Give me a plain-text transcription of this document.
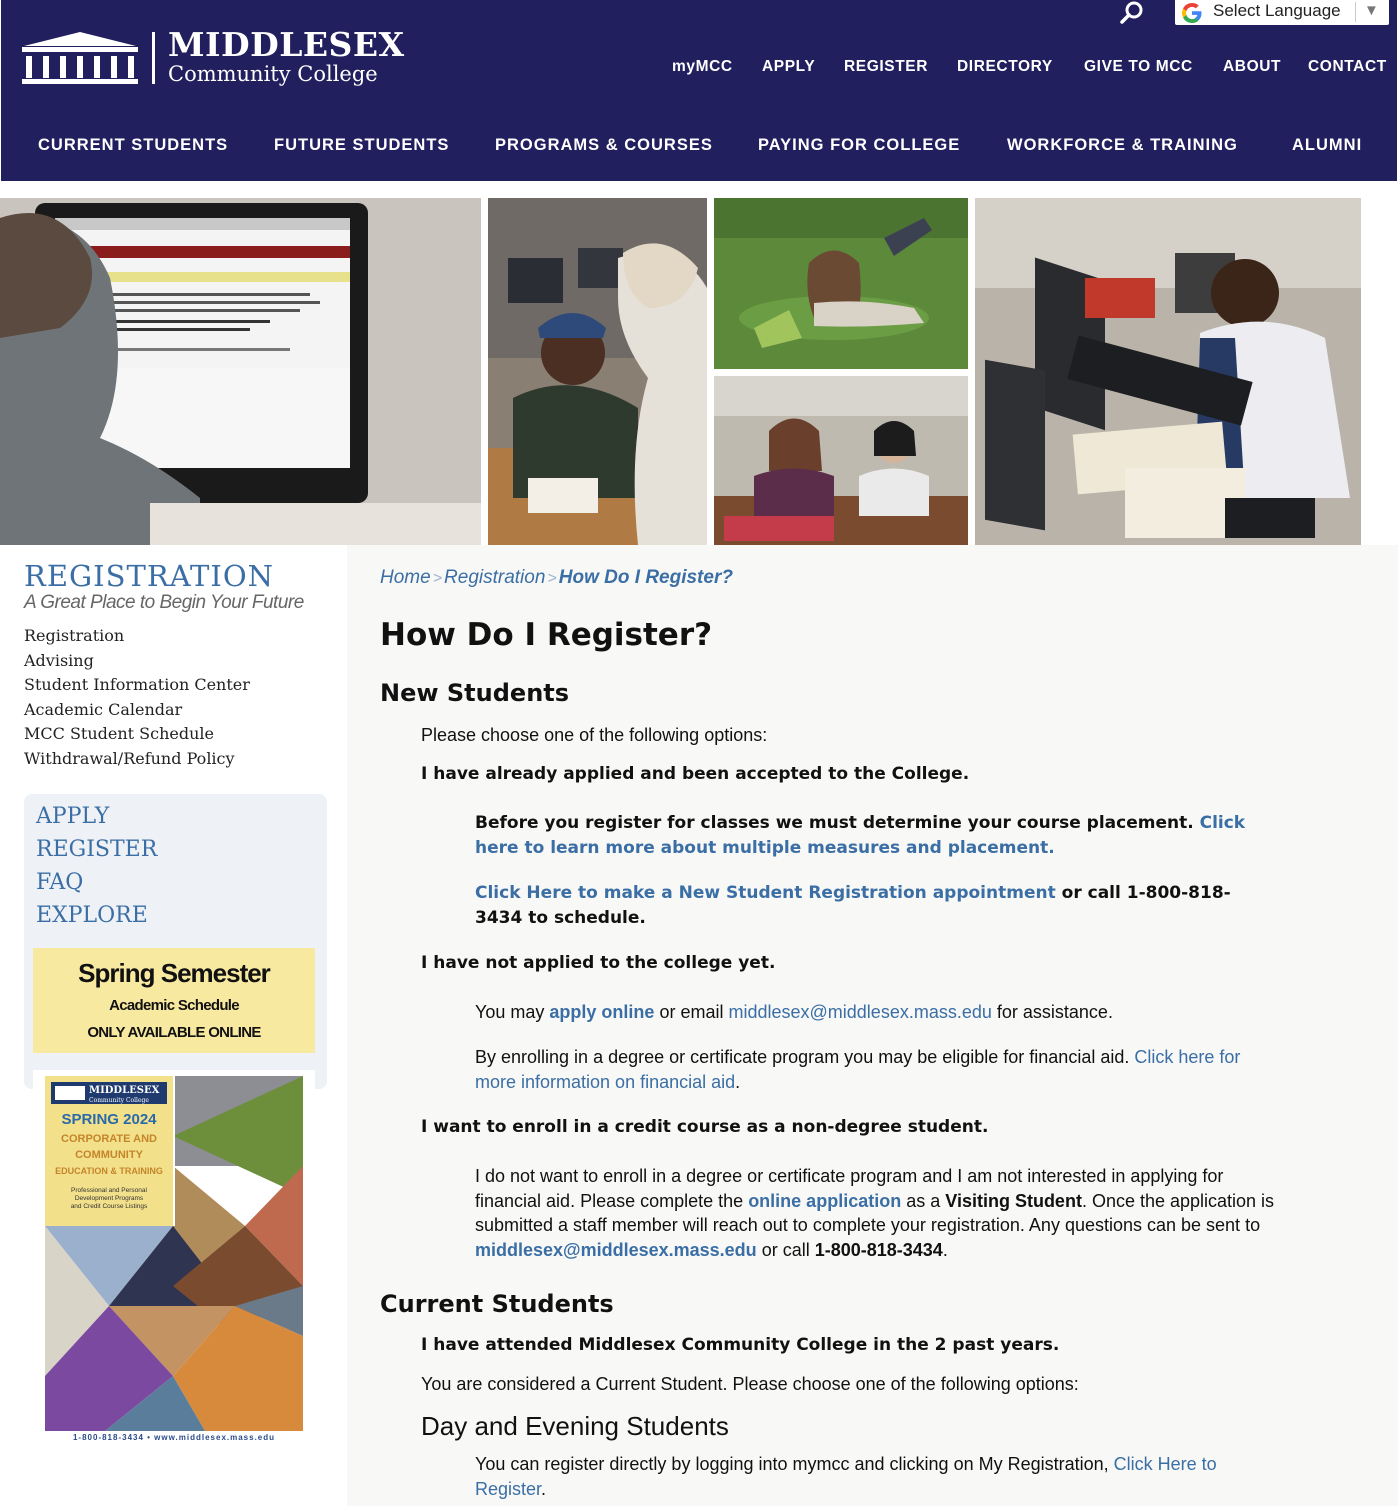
MIDDLESEX
Community College
Select Language ▼
myMCC APPLY REGISTER DIRECTORY GIVE TO MCC ABOUT CONTACT
CURRENT STUDENTS	FUTURE STUDENTS	PROGRAMS & COURSES	PAYING FOR COLLEGE	WORKFORCE & TRAINING	ALUMNI
REGISTRATION
A Great Place to Begin Your Future
Registration
Advising
Student Information Center
Academic Calendar
MCC Student Schedule
Withdrawal/Refund Policy
APPLY
REGISTER
FAQ
EXPLORE
Spring Semester
Academic Schedule
ONLY AVAILABLE ONLINE
MIDDLESEX
Community College
SPRING 2024
CORPORATE AND
COMMUNITY
EDUCATION & TRAINING
Professional and Personal
Development Programs
and Credit Course Listings
1-800-818-3434 • www.middlesex.mass.edu
Home > Registration > How Do I Register?
How Do I Register?
New Students
Please choose one of the following options:
I have already applied and been accepted to the College.
Before you register for classes we must determine your course placement. Click here to learn more about multiple measures and placement.
Click Here to make a New Student Registration appointment or call 1-800-818-3434 to schedule.
I have not applied to the college yet.
You may apply online or email middlesex@middlesex.mass.edu for assistance.
By enrolling in a degree or certificate program you may be eligible for financial aid. Click here for more information on financial aid.
I want to enroll in a credit course as a non-degree student.
I do not want to enroll in a degree or certificate program and I am not interested in applying for financial aid. Please complete the online application as a Visiting Student. Once the application is submitted a staff member will reach out to complete your registration. Any questions can be sent to middlesex@middlesex.mass.edu or call 1-800-818-3434.
Current Students
I have attended Middlesex Community College in the 2 past years.
You are considered a Current Student. Please choose one of the following options:
Day and Evening Students
You can register directly by logging into mymcc and clicking on My Registration, Click Here to Register.
